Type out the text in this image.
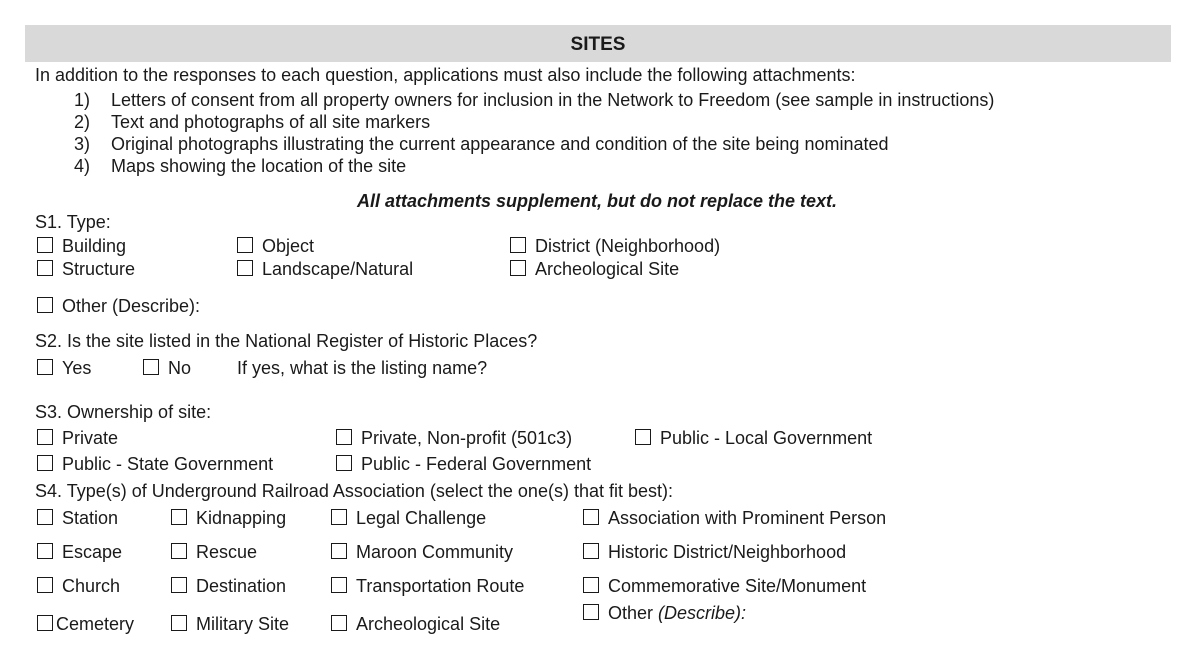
SITES
In addition to the responses to each question, applications must also include the following attachments:
1) Letters of consent from all property owners for inclusion in the Network to Freedom (see sample in instructions)
2) Text and photographs of all site markers
3) Original photographs illustrating the current appearance and condition of the site being nominated
4) Maps showing the location of the site
All attachments supplement, but do not replace the text.
S1. Type:
Building	Object	District (Neighborhood)
Structure	Landscape/Natural	Archeological Site
Other (Describe):
S2. Is the site listed in the National Register of Historic Places?
Yes	No	If yes, what is the listing name?
S3. Ownership of site:
Private	Private, Non-profit (501c3)	Public - Local Government
Public - State Government	Public - Federal Government
S4. Type(s) of Underground Railroad Association (select the one(s) that fit best):
Station	Kidnapping	Legal Challenge	Association with Prominent Person
Escape	Rescue	Maroon Community	Historic District/Neighborhood
Church	Destination	Transportation Route	Commemorative Site/Monument
Cemetery	Military Site	Archeological Site
Other (Describe):
